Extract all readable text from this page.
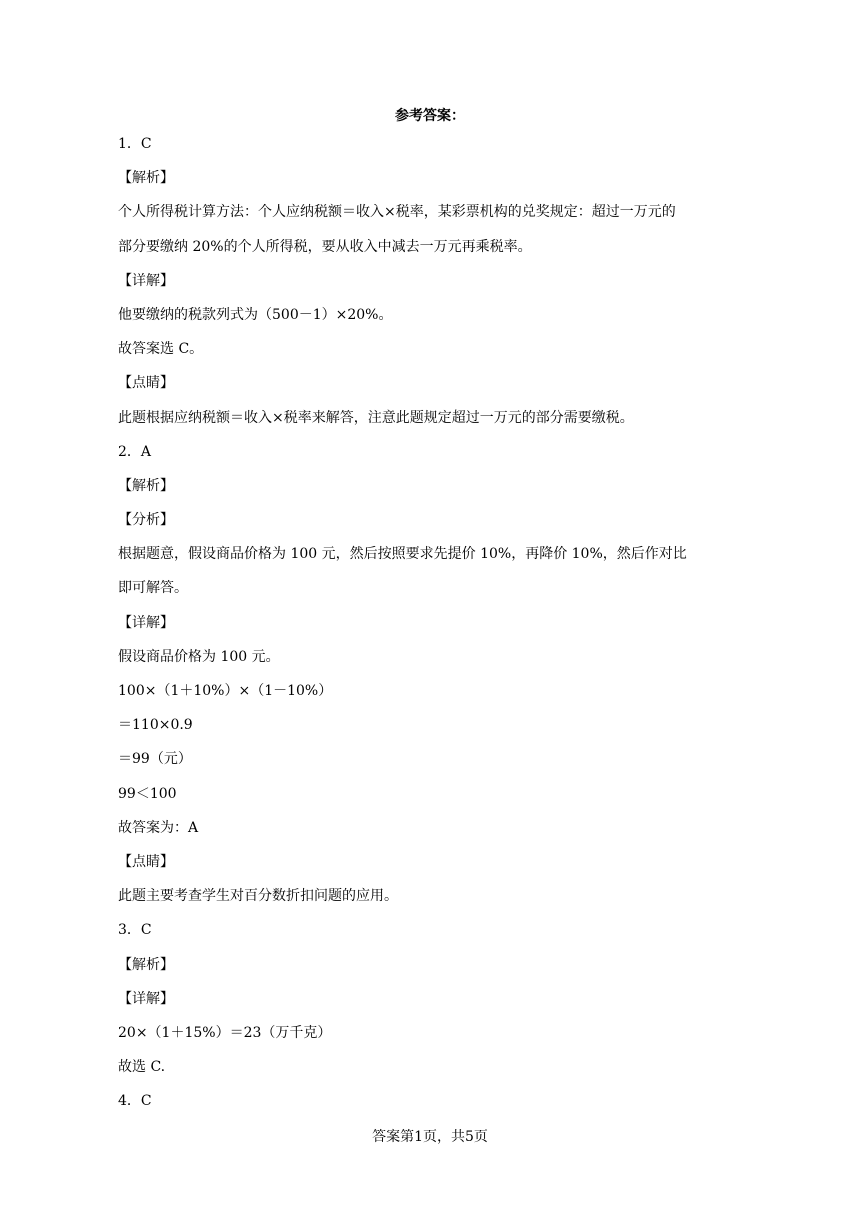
参考答案：
1．C
【解析】
个人所得税计算方法：个人应纳税额＝收入×税率，某彩票机构的兑奖规定：超过一万元的
部分要缴纳 20%的个人所得税，要从收入中减去一万元再乘税率。
【详解】
他要缴纳的税款列式为（500－1）×20%。
故答案选 C。
【点睛】
此题根据应纳税额＝收入×税率来解答，注意此题规定超过一万元的部分需要缴税。
2．A
【解析】
【分析】
根据题意，假设商品价格为 100 元，然后按照要求先提价 10%，再降价 10%，然后作对比
即可解答。
【详解】
假设商品价格为 100 元。
100×（1＋10%）×（1－10%）
＝110×0.9
＝99（元）
99＜100
故答案为：A
【点睛】
此题主要考查学生对百分数折扣问题的应用。
3．C
【解析】
【详解】
20×（1＋15%）＝23（万千克）
故选 C.
4．C
答案第1页，共5页
